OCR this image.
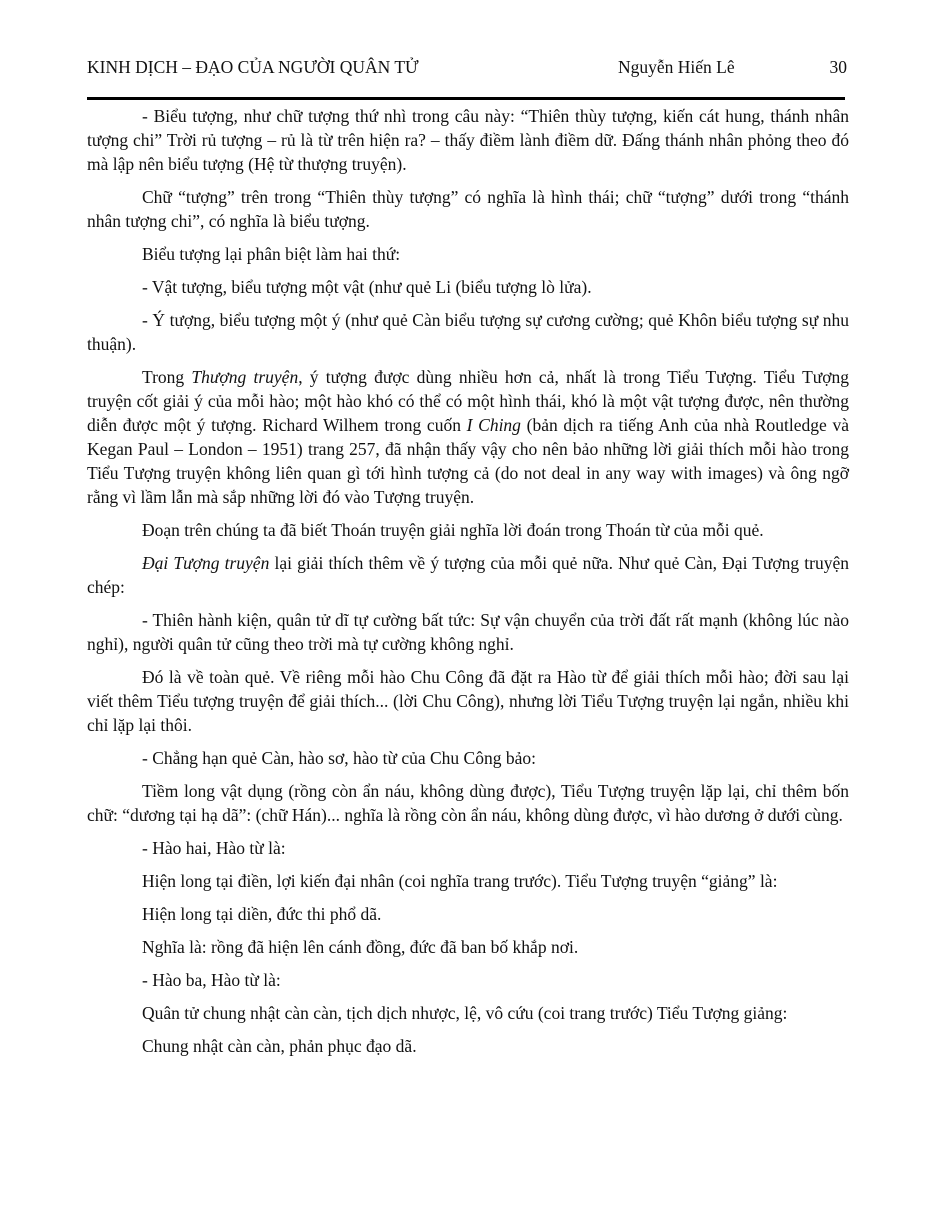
KINH DỊCH – ĐẠO CỦA NGƯỜI QUÂN TỬ	Nguyễn Hiến Lê	30

- Biểu tượng, như chữ tượng thứ nhì trong câu này: “Thiên thùy tượng, kiến cát hung, thánh nhân tượng chi” Trời rủ tượng – rủ là từ trên hiện ra? – thấy điềm lành điềm dữ. Đấng thánh nhân phỏng theo đó mà lập nên biểu tượng (Hệ từ thượng truyện).

Chữ “tượng” trên trong “Thiên thùy tượng” có nghĩa là hình thái; chữ “tượng” dưới trong “thánh nhân tượng chi”, có nghĩa là biểu tượng.

Biểu tượng lại phân biệt làm hai thứ:

- Vật tượng, biểu tượng một vật (như quẻ Li (biểu tượng lò lửa).

- Ý tượng, biểu tượng một ý (như quẻ Càn biểu tượng sự cương cường; quẻ Khôn biểu tượng sự nhu thuận).

Trong Thượng truyện, ý tượng được dùng nhiều hơn cả, nhất là trong Tiểu Tượng. Tiểu Tượng truyện cốt giải ý của mỗi hào; một hào khó có thể có một hình thái, khó là một vật tượng được, nên thường diễn được một ý tượng. Richard Wilhem trong cuốn I Ching (bản dịch ra tiếng Anh của nhà Routledge và Kegan Paul – London – 1951) trang 257, đã nhận thấy vậy cho nên bảo những lời giải thích mỗi hào trong Tiểu Tượng truyện không liên quan gì tới hình tượng cả (do not deal in any way with images) và ông ngỡ rằng vì lầm lẫn mà sắp những lời đó vào Tượng truyện.

Đoạn trên chúng ta đã biết Thoán truyện giải nghĩa lời đoán trong Thoán từ của mỗi quẻ.

Đại Tượng truyện lại giải thích thêm về ý tượng của mỗi quẻ nữa. Như quẻ Càn, Đại Tượng truyện chép:

- Thiên hành kiện, quân tử dĩ tự cường bất tức: Sự vận chuyển của trời đất rất mạnh (không lúc nào nghỉ), người quân tử cũng theo trời mà tự cường không nghỉ.

Đó là về toàn quẻ. Về riêng mỗi hào Chu Công đã đặt ra Hào từ để giải thích mỗi hào; đời sau lại viết thêm Tiểu tượng truyện để giải thích... (lời Chu Công), nhưng lời Tiểu Tượng truyện lại ngắn, nhiều khi chỉ lặp lại thôi.

- Chẳng hạn quẻ Càn, hào sơ, hào từ của Chu Công bảo:

Tiềm long vật dụng (rồng còn ẩn náu, không dùng được), Tiểu Tượng truyện lặp lại, chỉ thêm bốn chữ: “dương tại hạ dã”: (chữ Hán)... nghĩa là rồng còn ẩn náu, không dùng được, vì hào dương ở dưới cùng.

- Hào hai, Hào từ là:

Hiện long tại điền, lợi kiến đại nhân (coi nghĩa trang trước). Tiểu Tượng truyện “giảng” là:

Hiện long tại diền, đức thi phổ dã.

Nghĩa là: rồng đã hiện lên cánh đồng, đức đã ban bố khắp nơi.

- Hào ba, Hào từ là:

Quân tử chung nhật càn càn, tịch dịch nhược, lệ, vô cứu (coi trang trước) Tiểu Tượng giảng:

Chung nhật càn càn, phản phục đạo dã.
